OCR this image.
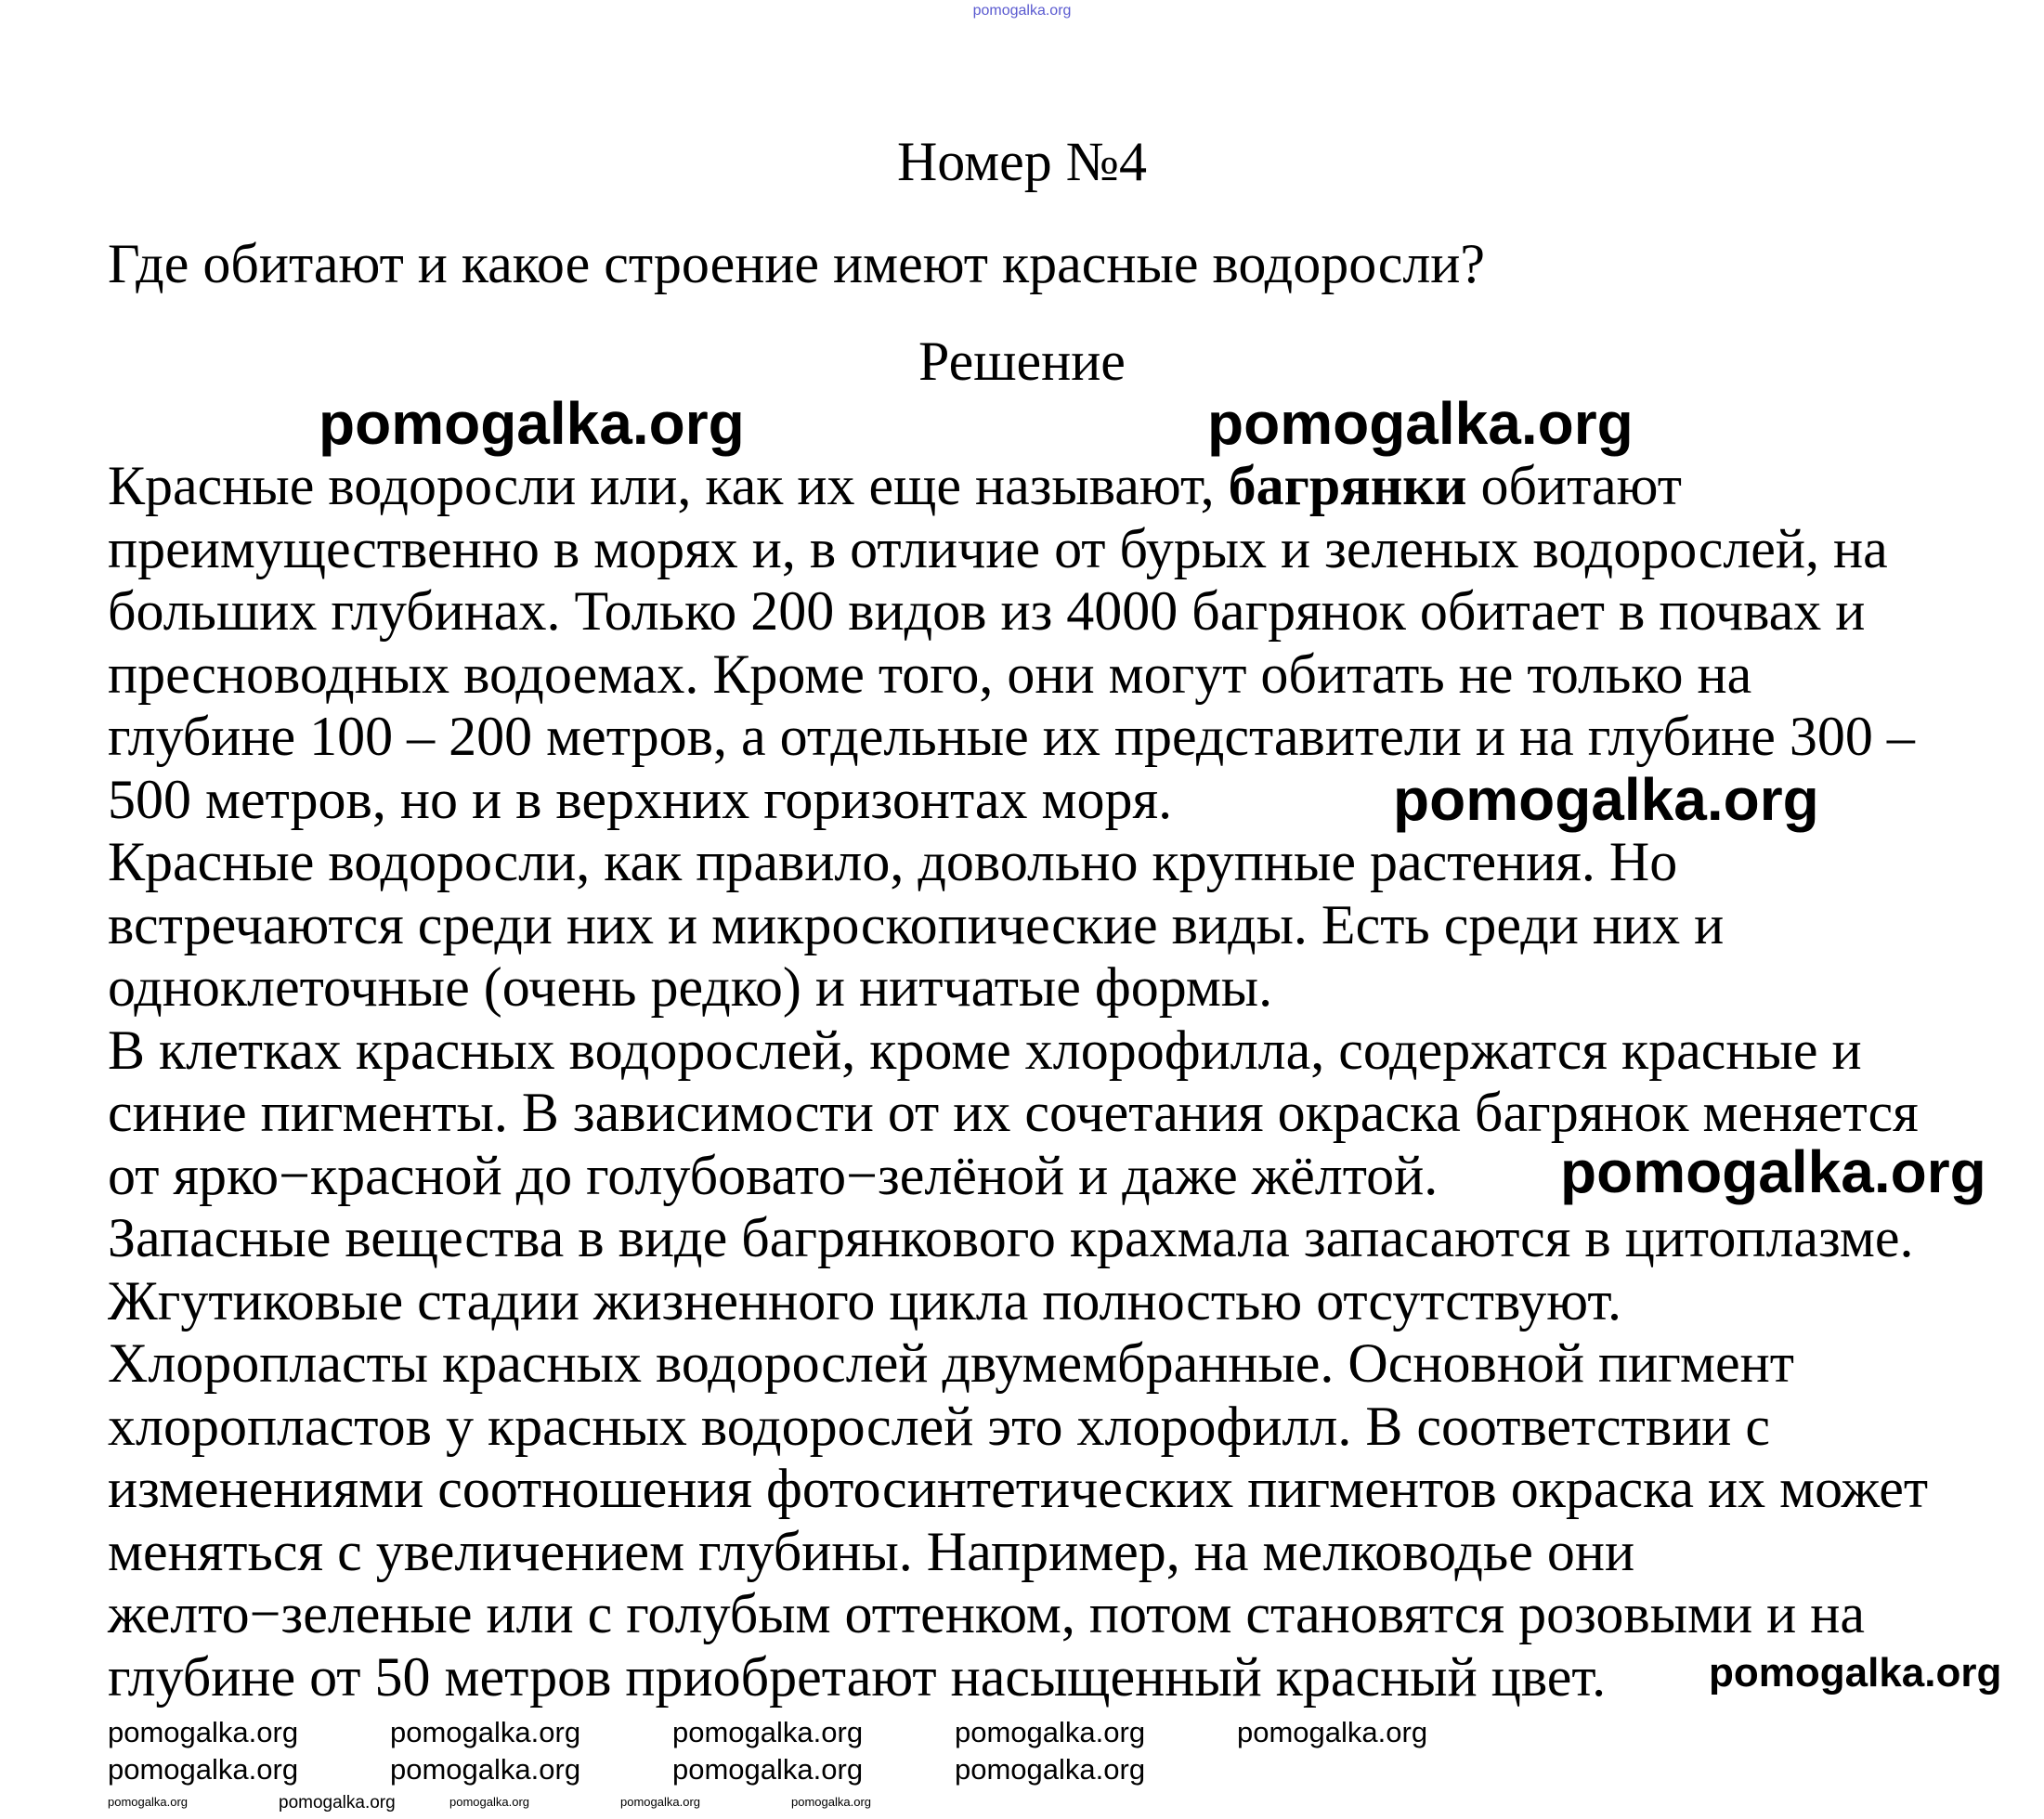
pomogalka.org
Номер №4
Где обитают и какое строение имеют красные водоросли?
Решение
Красные водоросли или, как их еще называют, багрянки обитают
преимущественно в морях и, в отличие от бурых и зеленых водорослей, на
больших глубинах. Только 200 видов из 4000 багрянок обитает в почвах и
пресноводных водоемах. Кроме того, они могут обитать не только на
глубине 100 – 200 метров, а отдельные их представители и на глубине 300 –
500 метров, но и в верхних горизонтах моря.
Красные водоросли, как правило, довольно крупные растения. Но
встречаются среди них и микроскопические виды. Есть среди них и
одноклеточные (очень редко) и нитчатые формы.
В клетках красных водорослей, кроме хлорофилла, содержатся красные и
синие пигменты. В зависимости от их сочетания окраска багрянок меняется
от ярко−красной до голубовато−зелёной и даже жёлтой.
Запасные вещества в виде багрянкового крахмала запасаются в цитоплазме.
Жгутиковые стадии жизненного цикла полностью отсутствуют.
Хлоропласты красных водорослей двумембранные. Основной пигмент
хлоропластов у красных водорослей это хлорофилл. В соответствии с
изменениями соотношения фотосинтетических пигментов окраска их может
меняться с увеличением глубины. Например, на мелководье они
желто−зеленые или с голубым оттенком, потом становятся розовыми и на
глубине от 50 метров приобретают насыщенный красный цвет.
pomogalka.org	pomogalka.org
pomogalka.org
pomogalka.org
pomogalka.org
pomogalka.org	pomogalka.org	pomogalka.org	pomogalka.org	pomogalka.org
pomogalka.org	pomogalka.org	pomogalka.org	pomogalka.org
pomogalka.org	pomogalka.org	pomogalka.org	pomogalka.org	pomogalka.org
